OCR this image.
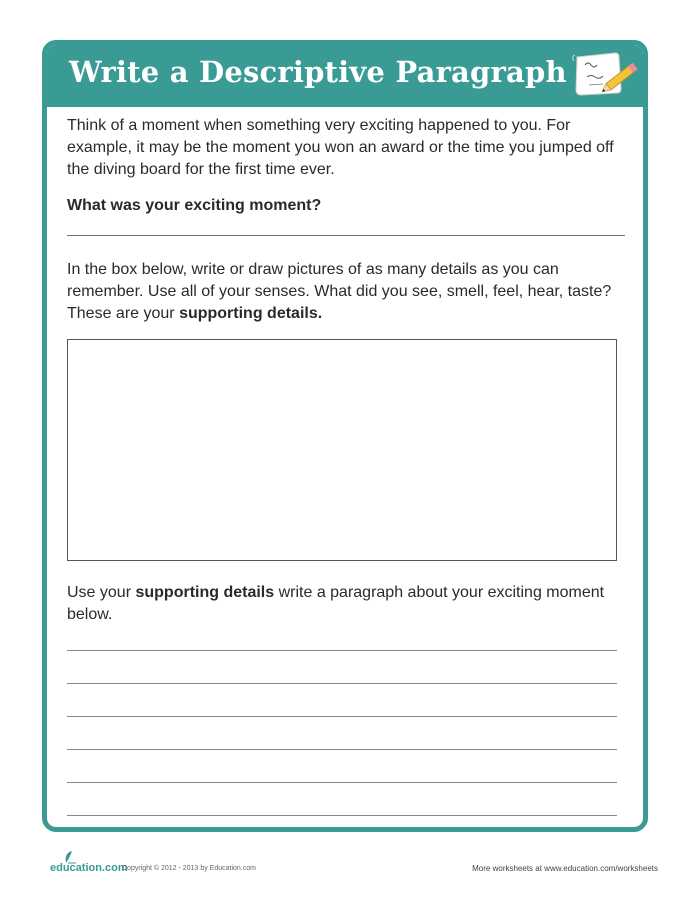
Write a Descriptive Paragraph
Think of a moment when something very exciting happened to you. For example, it may be the moment you won an award or the time you jumped off the diving board for the first time ever.
What was your exciting moment?
In the box below, write or draw pictures of as many details as you can remember. Use all of your senses. What did you see, smell, feel, hear, taste? These are your supporting details.
Use your supporting details write a paragraph about your exciting moment below.
education.com
Copyright © 2012 - 2013 by Education.com	More worksheets at www.education.com/worksheets
